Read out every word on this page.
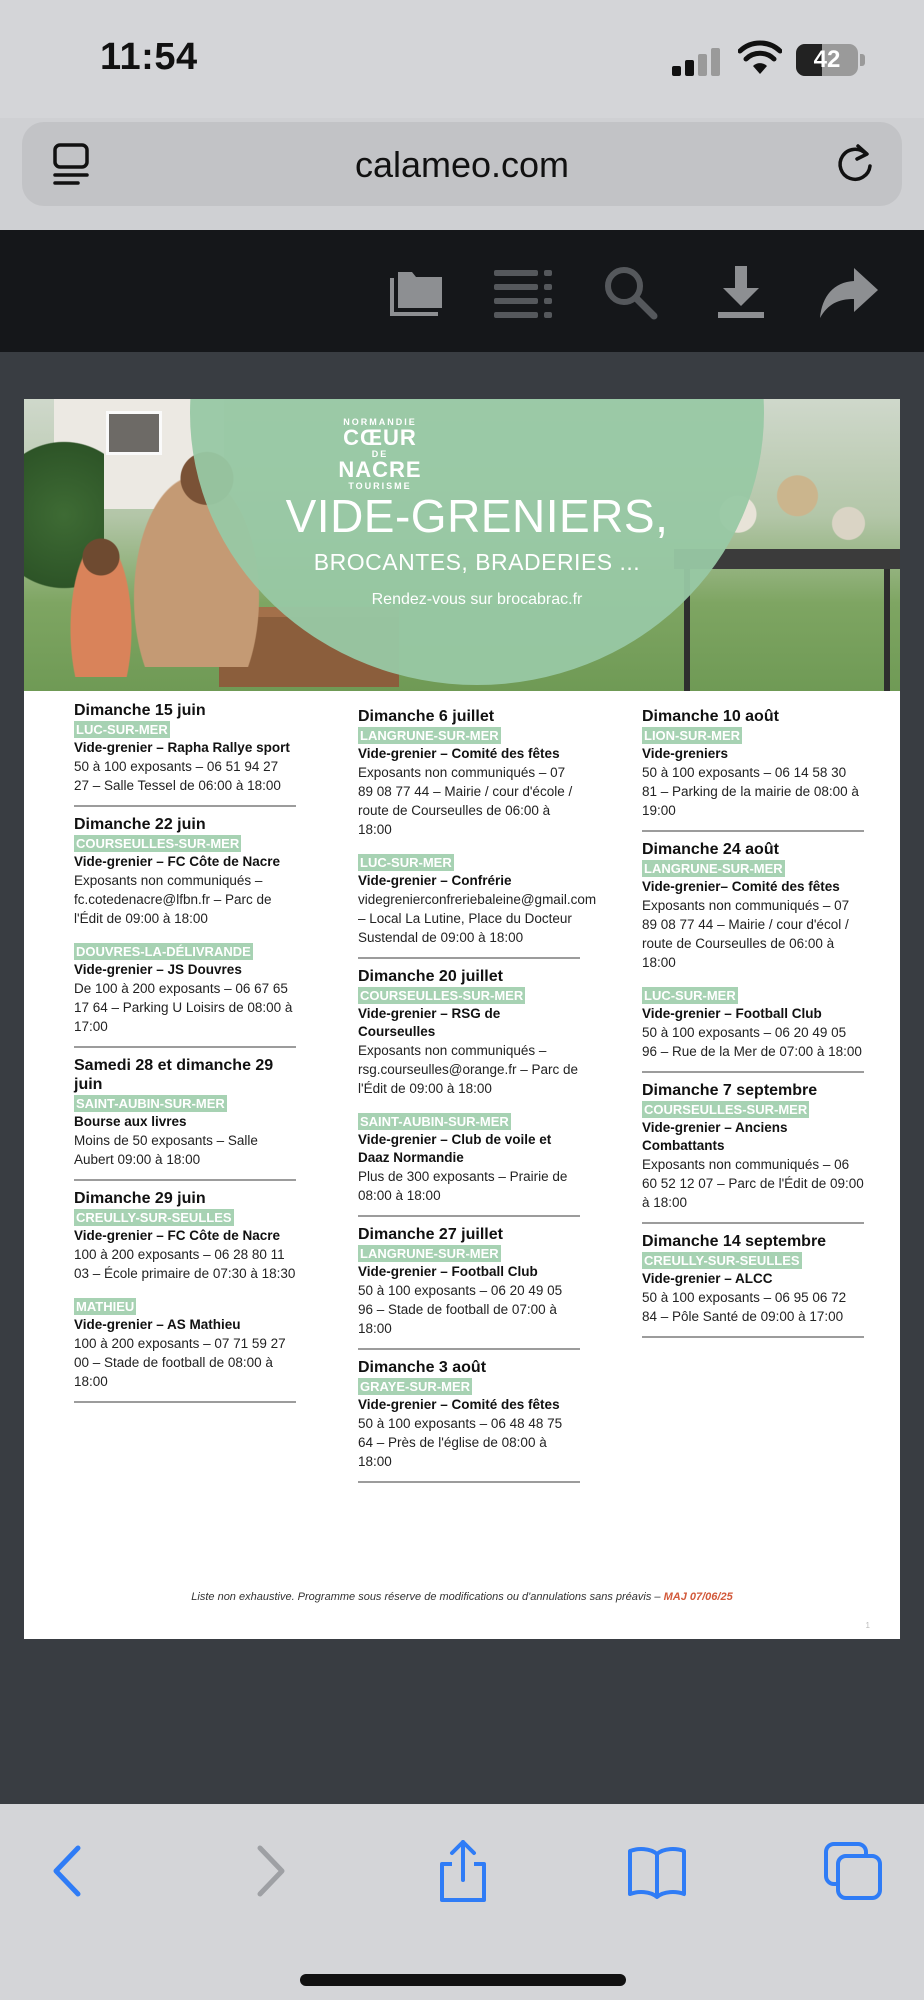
11:54	42
calameo.com
NORMANDIE
CŒUR
DE
NACRE
TOURISME
VIDE-GRENIERS,
BROCANTES, BRADERIES ...
Rendez-vous sur brocabrac.fr
Dimanche 15 juin
LUC-SUR-MER

Vide-grenier – Rapha Rallye sport
50 à 100 exposants – 06 51 94 27 27 – Salle Tessel de 06:00 à 18:00
Dimanche 22 juin
COURSEULLES-SUR-MER

Vide-grenier – FC Côte de Nacre
Exposants non communiqués – fc.cotedenacre@lfbn.fr – Parc de l'Édit de 09:00 à 18:00
DOUVRES-LA-DÉLIVRANDE

Vide-grenier – JS Douvres
De 100 à 200 exposants – 06 67 65 17 64 – Parking U Loisirs de 08:00 à 17:00
Samedi 28 et dimanche 29 juin
SAINT-AUBIN-SUR-MER

Bourse aux livres
Moins de 50 exposants – Salle Aubert 09:00 à 18:00
Dimanche 29 juin
CREULLY-SUR-SEULLES

Vide-grenier – FC Côte de Nacre
100 à 200 exposants – 06 28 80 11 03 – École primaire de 07:30 à 18:30
MATHIEU

Vide-grenier – AS Mathieu
100 à 200 exposants – 07 71 59 27 00 – Stade de football de 08:00 à 18:00
Dimanche 6 juillet
LANGRUNE-SUR-MER

Vide-grenier – Comité des fêtes
Exposants non communiqués – 07 89 08 77 44 – Mairie / cour d'école / route de Courseulles de 06:00 à 18:00
LUC-SUR-MER

Vide-grenier – Confrérie
videgrenierconfreriebaleine@gmail.com – Local La Lutine, Place du Docteur Sustendal de 09:00 à 18:00
Dimanche 20 juillet
COURSEULLES-SUR-MER

Vide-grenier – RSG de Courseulles
Exposants non communiqués – rsg.courseulles@orange.fr – Parc de l'Édit de 09:00 à 18:00
SAINT-AUBIN-SUR-MER

Vide-grenier – Club de voile et Daaz Normandie
Plus de 300 exposants – Prairie de 08:00 à 18:00
Dimanche 27 juillet
LANGRUNE-SUR-MER

Vide-grenier – Football Club
50 à 100 exposants – 06 20 49 05 96 – Stade de football de 07:00 à 18:00
Dimanche 3 août
GRAYE-SUR-MER

Vide-grenier – Comité des fêtes
50 à 100 exposants – 06 48 48 75 64 – Près de l'église de 08:00 à 18:00
Dimanche 10 août
LION-SUR-MER

Vide-greniers
50 à 100 exposants – 06 14 58 30 81 – Parking de la mairie de 08:00 à 19:00
Dimanche 24 août
LANGRUNE-SUR-MER

Vide-grenier– Comité des fêtes
Exposants non communiqués – 07 89 08 77 44 – Mairie / cour d'écol / route de Courseulles de 06:00 à 18:00
LUC-SUR-MER

Vide-grenier – Football Club
50 à 100 exposants – 06 20 49 05 96 – Rue de la Mer de 07:00 à 18:00
Dimanche 7 septembre
COURSEULLES-SUR-MER

Vide-grenier – Anciens Combattants
Exposants non communiqués – 06 60 52 12 07 – Parc de l'Édit de 09:00 à 18:00
Dimanche 14 septembre
CREULLY-SUR-SEULLES

Vide-grenier – ALCC
50 à 100 exposants – 06 95 06 72 84 – Pôle Santé de 09:00 à 17:00
Liste non exhaustive. Programme sous réserve de modifications ou d'annulations sans préavis – MAJ 07/06/25
1
